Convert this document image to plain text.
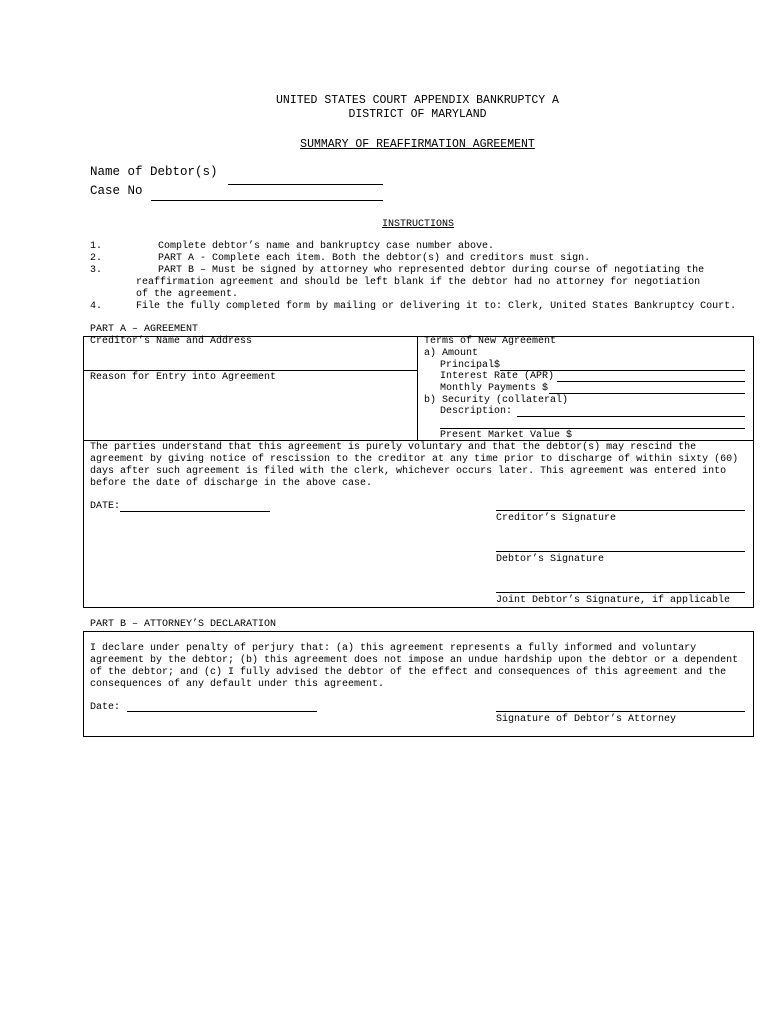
UNITED STATES COURT APPENDIX BANKRUPTCY A
DISTRICT OF MARYLAND
SUMMARY OF REAFFIRMATION AGREEMENT
Name of Debtor(s)
Case No
INSTRUCTIONS
1.	Complete debtor’s name and bankruptcy case number above.
2.	PART A - Complete each item. Both the debtor(s) and creditors must sign.
3.	PART B – Must be signed by attorney who represented debtor during course of negotiating the
reaffirmation agreement and should be left blank if the debtor had no attorney for negotiation
of the agreement.
4.	File the fully completed form by mailing or delivering it to: Clerk, United States Bankruptcy Court.
PART A – AGREEMENT
Creditor’s Name and Address
Reason for Entry into Agreement
Terms of New Agreement
a) Amount
Principal$
Interest Rate (APR)
Monthly Payments $
b) Security (collateral)
Description:
Present Market Value $
The parties understand that this agreement is purely voluntary and that the debtor(s) may rescind the
agreement by giving notice of rescission to the creditor at any time prior to discharge of within sixty (60)
days after such agreement is filed with the clerk, whichever occurs later. This agreement was entered into
before the date of discharge in the above case.
DATE:
Creditor’s Signature
Debtor’s Signature
Joint Debtor’s Signature, if applicable
PART B – ATTORNEY’S DECLARATION
I declare under penalty of perjury that: (a) this agreement represents a fully informed and voluntary
agreement by the debtor; (b) this agreement does not impose an undue hardship upon the debtor or a dependent
of the debtor; and (c) I fully advised the debtor of the effect and consequences of this agreement and the
consequences of any default under this agreement.
Date:
Signature of Debtor’s Attorney
